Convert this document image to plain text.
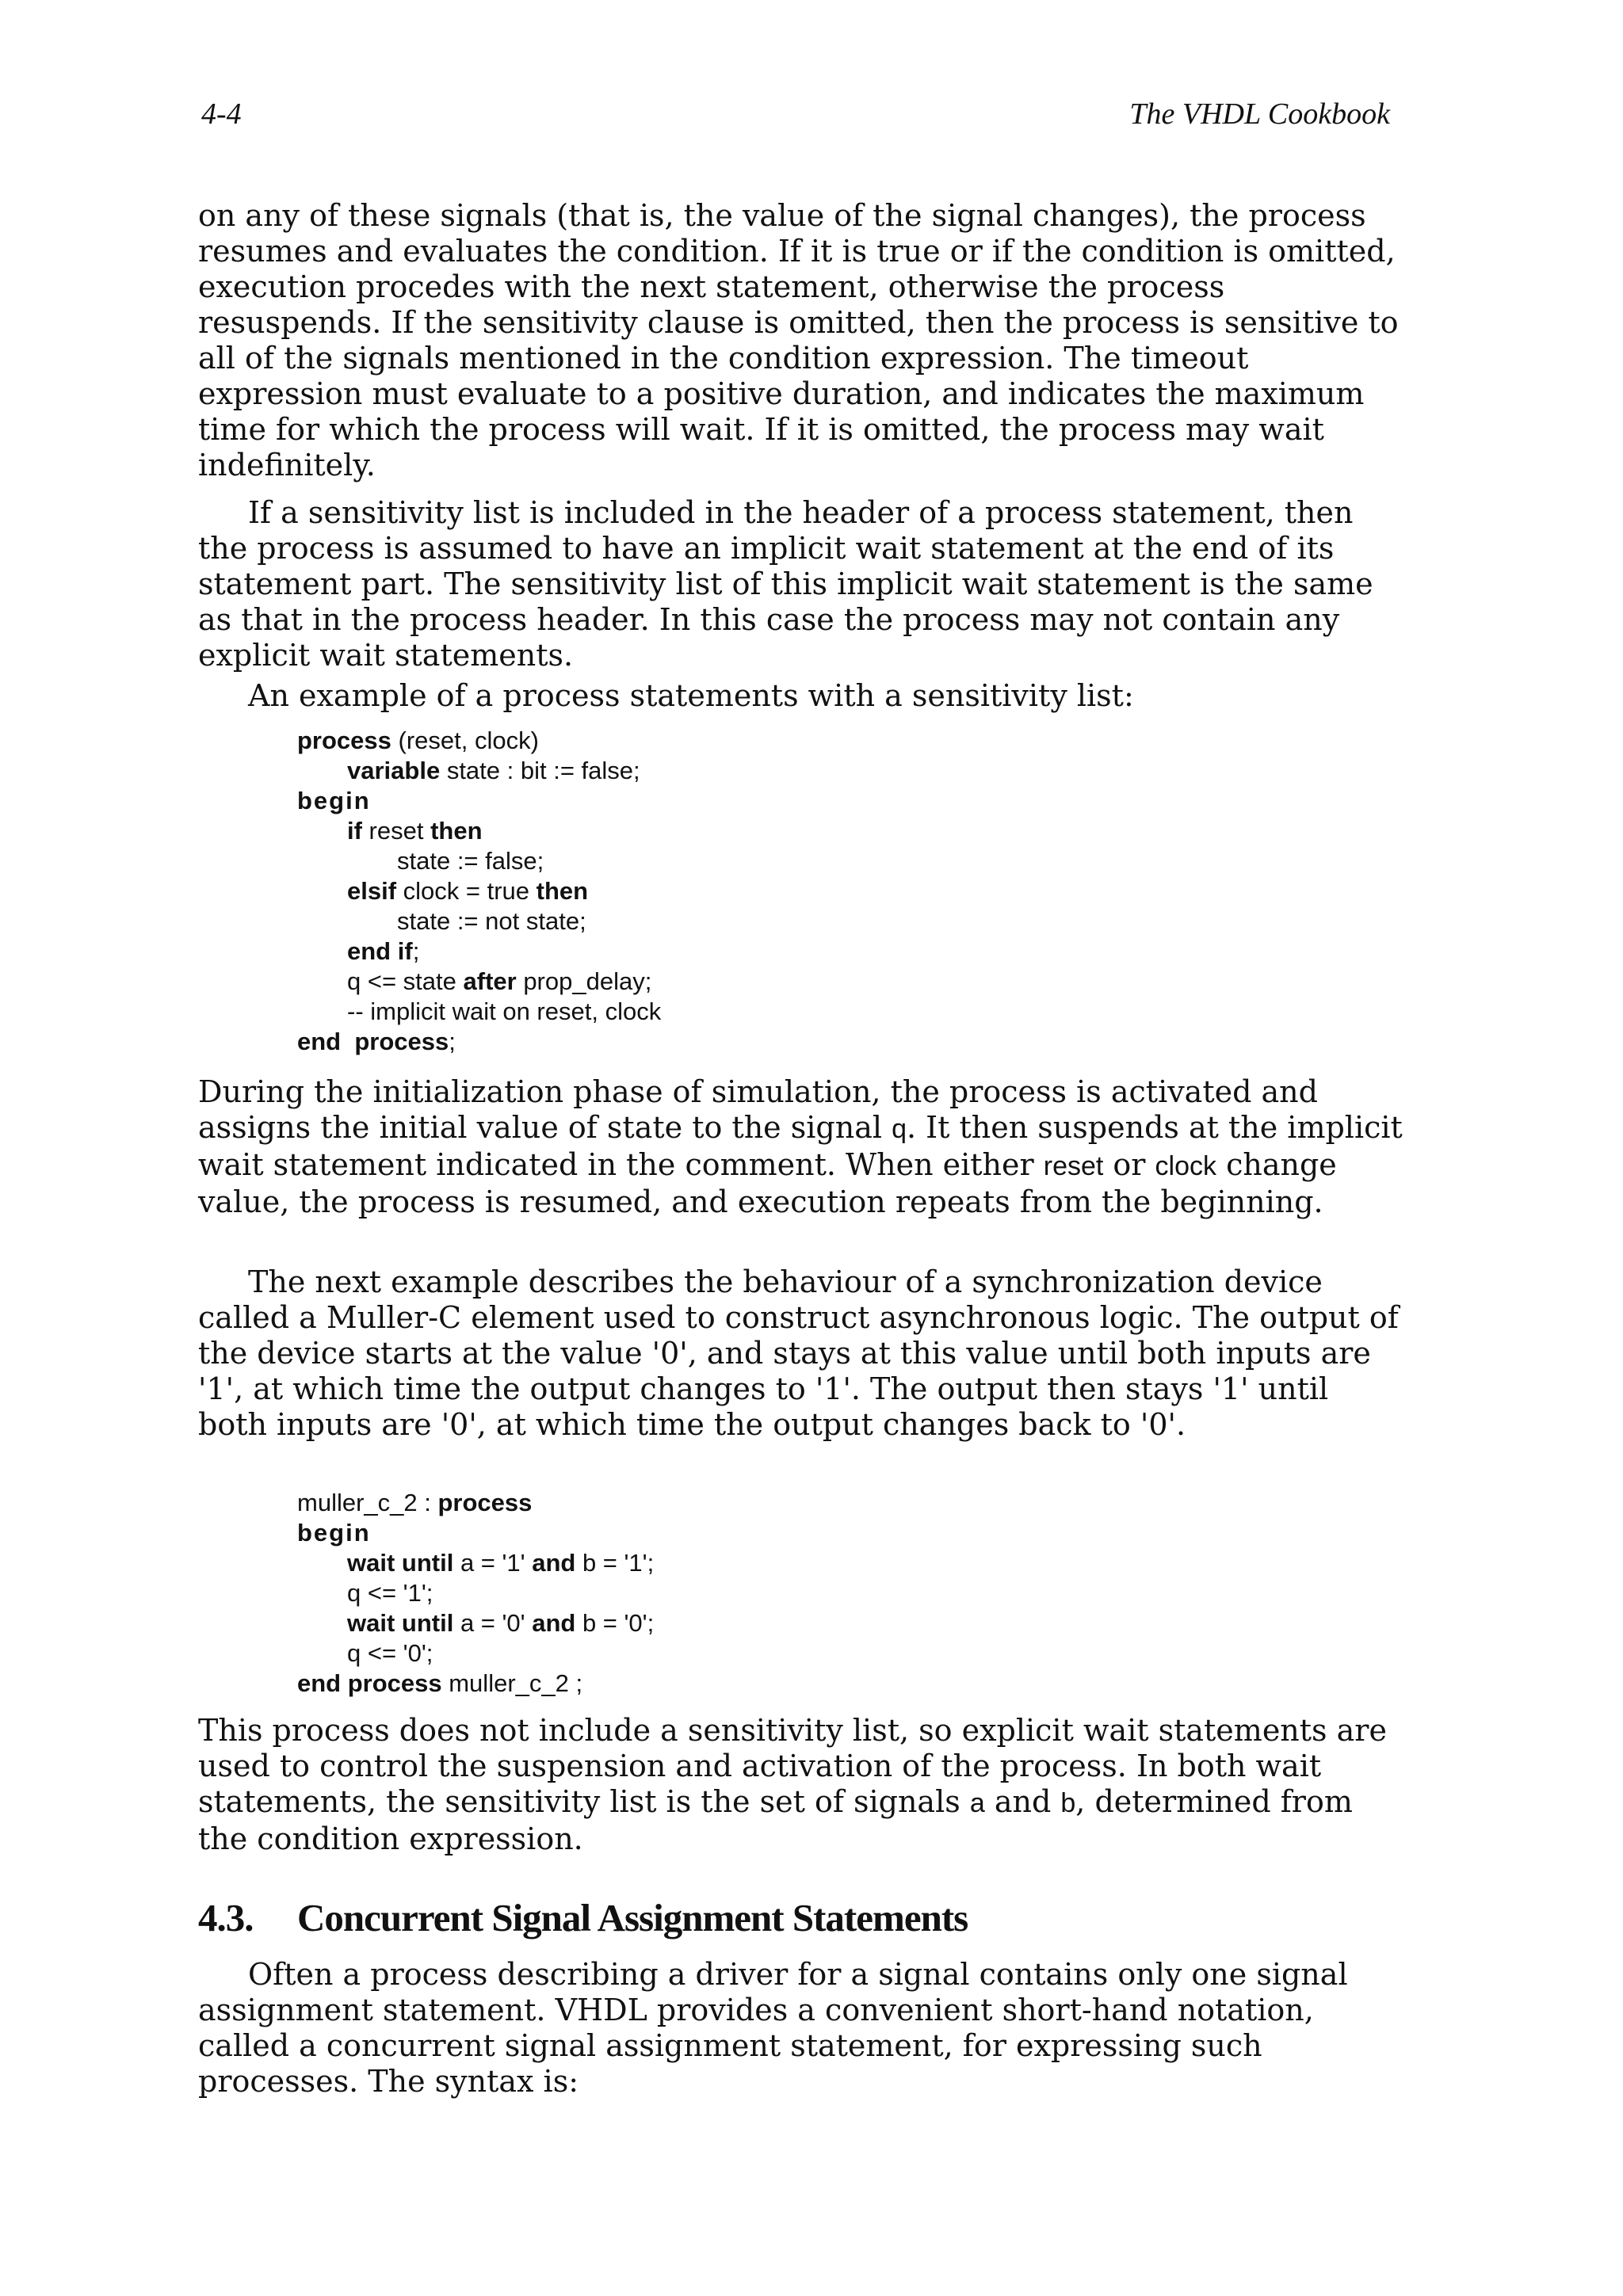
4-4	The VHDL Cookbook

on any of these signals (that is, the value of the signal changes), the process resumes and evaluates the condition. If it is true or if the condition is omitted, execution procedes with the next statement, otherwise the process resuspends. If the sensitivity clause is omitted, then the process is sensitive to all of the signals mentioned in the condition expression. The timeout expression must evaluate to a positive duration, and indicates the maximum time for which the process will wait. If it is omitted, the process may wait indefinitely.

If a sensitivity list is included in the header of a process statement, then the process is assumed to have an implicit wait statement at the end of its statement part. The sensitivity list of this implicit wait statement is the same as that in the process header. In this case the process may not contain any explicit wait statements.

An example of a process statements with a sensitivity list:

process (reset, clock)
variable state : bit := false;
begin
if reset then
state := false;
elsif clock = true then
state := not state;
end if;
q <= state after prop_delay;
-- implicit wait on reset, clock
end process;

During the initialization phase of simulation, the process is activated and assigns the initial value of state to the signal q. It then suspends at the implicit wait statement indicated in the comment. When either reset or clock change value, the process is resumed, and execution repeats from the beginning.

The next example describes the behaviour of a synchronization device called a Muller-C element used to construct asynchronous logic. The output of the device starts at the value '0', and stays at this value until both inputs are '1', at which time the output changes to '1'. The output then stays '1' until both inputs are '0', at which time the output changes back to '0'.

muller_c_2 : process
begin
wait until a = '1' and b = '1';
q <= '1';
wait until a = '0' and b = '0';
q <= '0';
end process muller_c_2 ;

This process does not include a sensitivity list, so explicit wait statements are used to control the suspension and activation of the process. In both wait statements, the sensitivity list is the set of signals a and b, determined from the condition expression.

4.3. Concurrent Signal Assignment Statements

Often a process describing a driver for a signal contains only one signal assignment statement. VHDL provides a convenient short-hand notation, called a concurrent signal assignment statement, for expressing such processes. The syntax is:
